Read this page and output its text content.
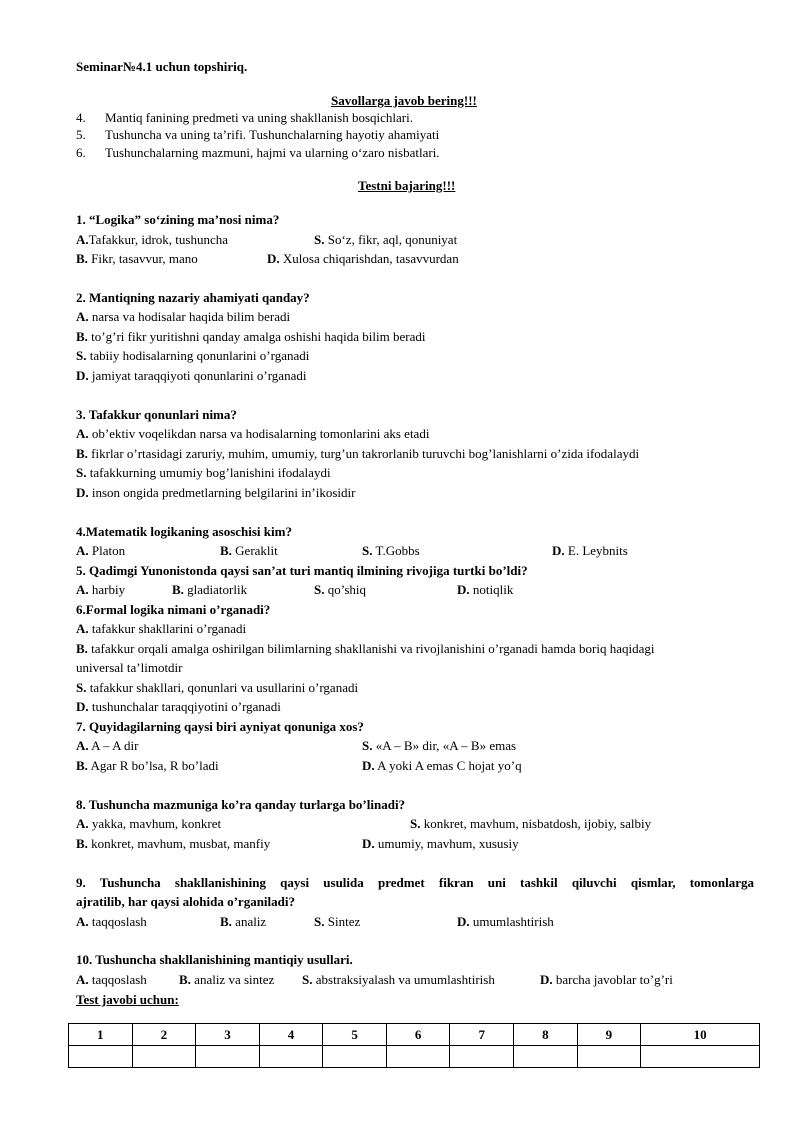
Seminar№4.1 uchun topshiriq.
Savollarga javob bering!!!
4. Mantiq fanining predmeti va uning shakllanish bosqichlari.
5. Tushuncha va uning ta’rifi. Tushunchalarning hayotiy ahamiyati
6. Tushunchalarning mazmuni, hajmi va ularning o‘zaro nisbatlari.
Testni bajaring!!!
1. “Logika” so‘zining ma’nosi nima?
A.Tafakkur, idrok, tushuncha	S. So‘z, fikr, aql, qonuniyat
B. Fikr, tasavvur, mano	D. Xulosa chiqarishdan, tasavvurdan
2. Mantiqning nazariy ahamiyati qanday?
A. narsa va hodisalar haqida bilim beradi
B. to’g’ri fikr yuritishni qanday amalga oshishi haqida bilim beradi
S. tabiiy hodisalarning qonunlarini o’rganadi
D. jamiyat taraqqiyoti qonunlarini o’rganadi
3. Tafakkur qonunlari nima?
A. ob’ektiv voqelikdan narsa va hodisalarning tomonlarini aks etadi
B. fikrlar o’rtasidagi zaruriy, muhim, umumiy, turg’un takrorlanib turuvchi bog’lanishlarni o’zida ifodalaydi
S. tafakkurning umumiy bog’lanishini ifodalaydi
D. inson ongida predmetlarning belgilarini in’ikosidir
4.Matematik logikaning asoschisi kim?
A. Platon	B. Geraklit	S. T.Gobbs	D. E. Leybnits
5. Qadimgi Yunonistonda qaysi san’at turi mantiq ilmining rivojiga turtki bo’ldi?
A. harbiy	B. gladiatorlik	S. qo’shiq	D. notiqlik
6.Formal logika nimani o’rganadi?
A. tafakkur shakllarini o’rganadi
B. tafakkur orqali amalga oshirilgan bilimlarning shakllanishi va rivojlanishini o’rganadi hamda boriq haqidagi
universal ta’limotdir
S. tafakkur shakllari, qonunlari va usullarini o’rganadi
D. tushunchalar taraqqiyotini o’rganadi
7. Quyidagilarning qaysi biri ayniyat qonuniga xos?
A. A – A dir	S. «A – B» dir, «A – B» emas
B. Agar R bo’lsa, R bo’ladi	D. A yoki A emas C hojat yo’q
8. Tushuncha mazmuniga ko’ra qanday turlarga bo’linadi?
A. yakka, mavhum, konkret	S. konkret, mavhum, nisbatdosh, ijobiy, salbiy
B. konkret, mavhum, musbat, manfiy	D. umumiy, mavhum, xususiy
9. Tushuncha shakllanishining qaysi usulida predmet fikran uni tashkil qiluvchi qismlar, tomonlarga
ajratilib, har qaysi alohida o’rganiladi?
A. taqqoslash	B. analiz	S. Sintez	D. umumlashtirish
10. Tushuncha shakllanishining mantiqiy usullari.
A. taqqoslash B. analiz va sintez S. abstraksiyalash va umumlashtirish	D. barcha javoblar to’g’ri
Test javobi uchun:
1	2	3	4	5	6	7	8	9	10
